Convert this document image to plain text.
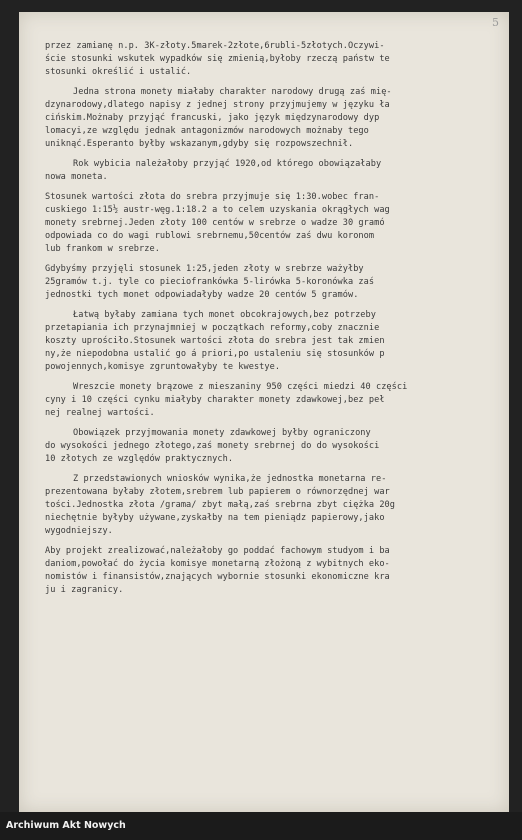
5
przez zamianę n.p. 3K-złoty.5marek-2złote,6rubli-5złotych.Oczywi-
ście stosunki wskutek wypadków się zmienią,byłoby rzeczą państw te
stosunki określić i ustalić.
Jedna strona monety miałaby charakter narodowy drugą zaś mię-
dzynarodowy,dlatego napisy z jednej strony przyjmujemy w języku ła
cińskim.Możnaby przyjąć francuski, jako język międzynarodowy dyp
lomacyi,ze względu jednak antagonizmów narodowych możnaby tego
uniknąć.Esperanto byłby wskazanym,gdyby się rozpowszechnił.
Rok wybicia należałoby przyjąć 1920,od którego obowiązałaby
nowa moneta.
Stosunek wartości złota do srebra przyjmuje się 1:30.wobec fran-
cuskiego 1:15½ austr-węg.1:18.2 a to celem uzyskania okrągłych wag
monety srebrnej.Jeden złoty 100 centów w srebrze o wadze 30 gramó
odpowiada co do wagi rublowi srebrnemu,50centów zaś dwu koronom
lub frankom w srebrze.
Gdybyśmy przyjęli stosunek 1:25,jeden złoty w srebrze ważyłby
25gramów t.j. tyle co pieciofrankówka 5-lirówka 5-koronówka zaś
jednostki tych monet odpowiadałyby wadze 20 centów 5 gramów.
Łatwą byłaby zamiana tych monet obcokrajowych,bez potrzeby
przetapiania ich przynajmniej w początkach reformy,coby znacznie
koszty uprościło.Stosunek wartości złota do srebra jest tak zmien
ny,że niepodobna ustalić go á priori,po ustaleniu się stosunków p
powojennych,komisye zgruntowałyby te kwestye.
Wreszcie monety brązowe z mieszaniny 950 części miedzi 40 części
cyny i 10 części cynku miałyby charakter monety zdawkowej,bez peł
nej realnej wartości.
Obowiązek przyjmowania monety zdawkowej byłby ograniczony
do wysokości jednego złotego,zaś monety srebrnej do do wysokości
10 złotych ze względów praktycznych.
Z przedstawionych wniosków wynika,że jednostka monetarna re-
prezentowana byłaby złotem,srebrem lub papierem o równorzędnej war
tości.Jednostka złota /grama/ zbyt małą,zaś srebrna zbyt ciężka 20g
niechętnie byłyby używane,zyskałby na tem pieniądz papierowy,jako
wygodniejszy.
Aby projekt zrealizować,należałoby go poddać fachowym studyom i ba
daniom,powołać do życia komisye monetarną złożoną z wybitnych eko-
nomistów i finansistów,znających wybornie stosunki ekonomiczne kra
ju i zagranicy.
Archiwum Akt Nowych
